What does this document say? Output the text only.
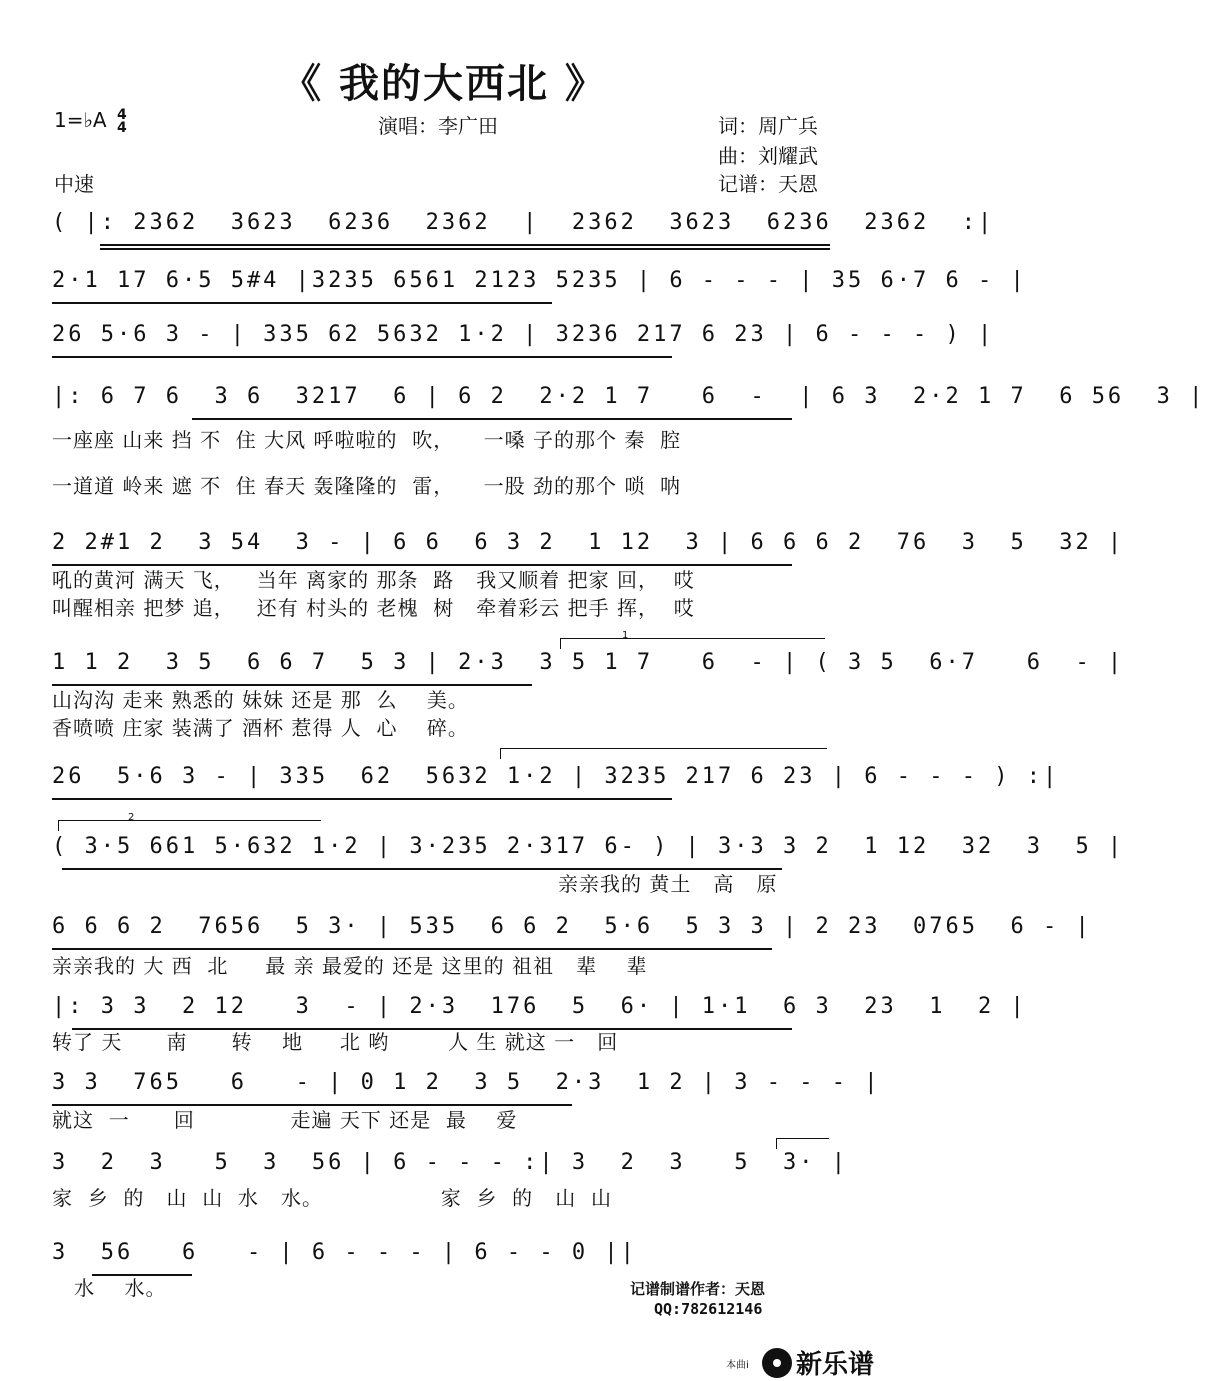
《 我的大西北 》
1=♭A 4
4	演唱：李广田	词：周广兵
曲：刘耀武
记谱：天恩
中速
( |: 2362  3623  6236  2362  |  2362  3623  6236  2362  :|
2·1 17 6·5 5#4 |3235 6561 2123 5235 | 6 - - - | 35 6·7 6 - |
26 5·6 3 - | 335 62 5632 1·2 | 3236 217 6 23 | 6 - - - ) |
|: 6 7 6  3 6  3217  6 | 6 2  2·2 1 7   6  -  | 6 3  2·2 1 7  6 56  3 |
一座座 山来 挡 不  住 大风 呼啦啦的  吹，    一嗓 子的那个 秦  腔
一道道 岭来 遮 不  住 春天 轰隆隆的  雷，    一股 劲的那个 唢  呐
2 2#1 2  3 54  3 - | 6 6  6 3 2  1 12  3 | 6 6 6 2  76  3  5  32 |
吼的黄河 满天 飞，   当年 离家的 那条  路   我又顺着 把家 回，  哎
叫醒相亲 把梦 追，   还有 村头的 老槐  树   牵着彩云 把手 挥，  哎
1
1 1 2  3 5  6 6 7  5 3 | 2·3  3 5 1 7   6  - | ( 3 5  6·7   6  - |
山沟沟 走来 熟悉的 妹妹 还是 那  么    美。
香喷喷 庄家 装满了 酒杯 惹得 人  心    碎。
26  5·6 3 - | 335  62  5632 1·2 | 3235 217 6 23 | 6 - - - ) :|
2
( 3·5 661 5·632 1·2 | 3·235 2·317 6- ) | 3·3 3 2  1 12  32  3  5 |
亲亲我的 黄土   高   原
6 6 6 2  7656  5 3· | 535  6 6 2  5·6  5 3 3 | 2 23  0765  6 - |
亲亲我的 大 西  北     最 亲 最爱的 还是 这里的 祖祖   辈    辈
|: 3 3  2 12   3  - | 2·3  176  5  6· | 1·1  6 3  23  1  2 |
转了 天      南      转    地     北 哟        人 生 就这 一   回
3 3  765   6   - | 0 1 2  3 5  2·3  1 2 | 3 - - - |
就这  一      回             走遍 天下 还是  最    爱
3  2  3   5  3  56 | 6 - - - :| 3  2  3   5  3· |
家  乡  的   山  山  水   水。                家  乡  的   山  山
3  56   6   - | 6 - - - | 6 - - 0 ||
水    水。	记谱制谱作者：天恩
QQ:782612146
本曲i 新乐谱
